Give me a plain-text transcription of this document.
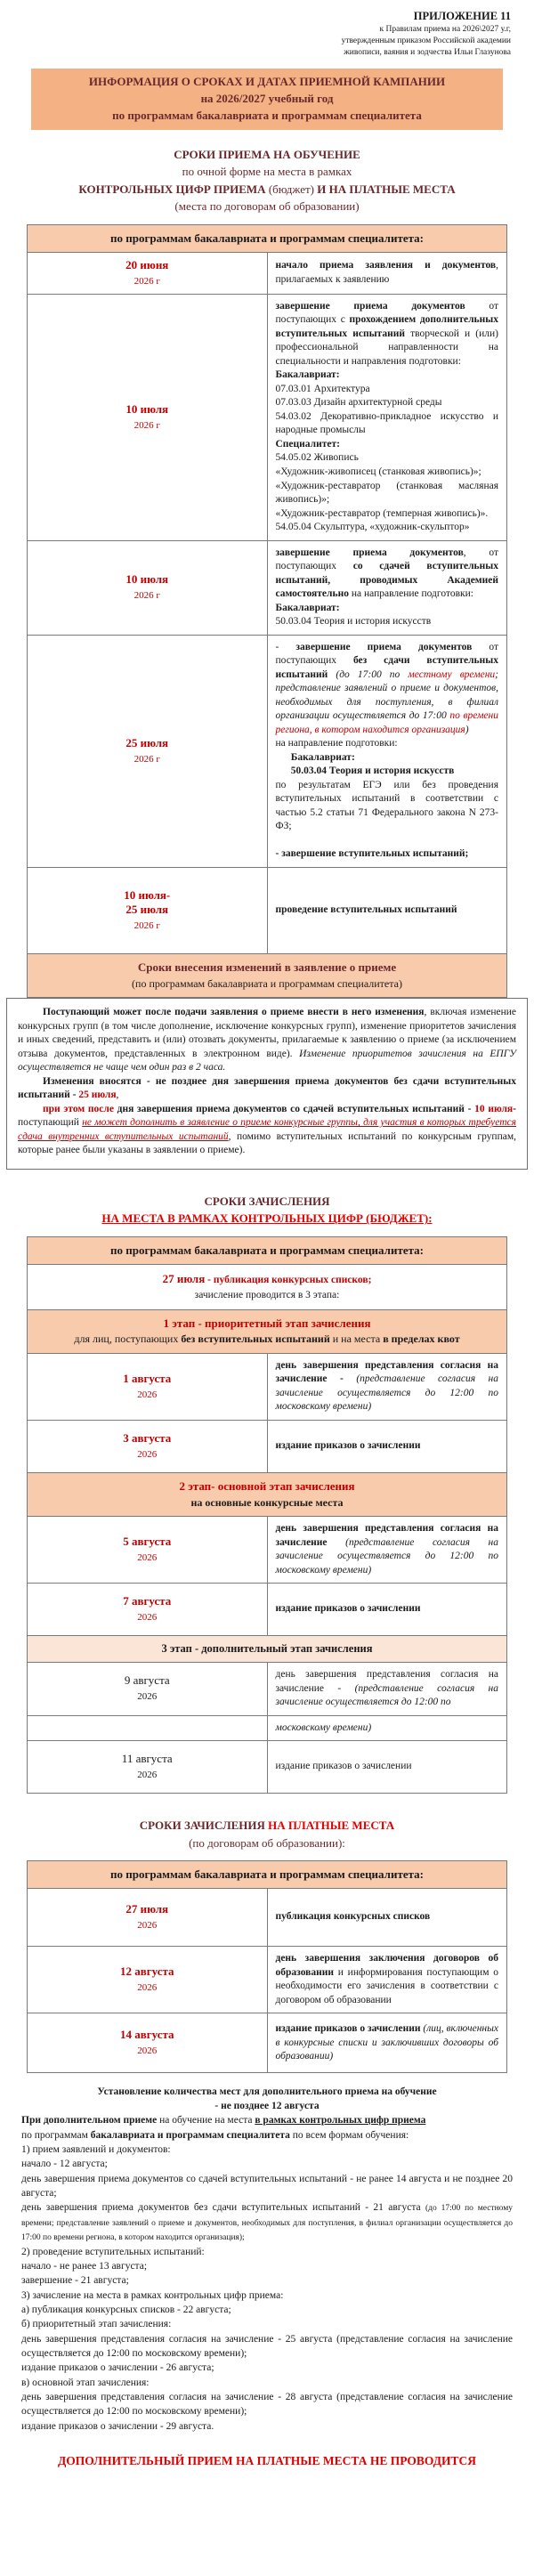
ПРИЛОЖЕНИЕ 11
к Правилам приема на 2026\2027 у.г,
утвержденным приказом Российской академии
живописи, ваяния и зодчества Ильи Глазунова
ИНФОРМАЦИЯ О СРОКАХ И ДАТАХ ПРИЕМНОЙ КАМПАНИИ
на 2026/2027 учебный год
по программам бакалавриата и программам специалитета
СРОКИ ПРИЕМА НА ОБУЧЕНИЕ
по очной форме на места в рамках
КОНТРОЛЬНЫХ ЦИФР ПРИЕМА (бюджет) И НА ПЛАТНЫЕ МЕСТА
(места по договорам об образовании)
по программам бакалавриата и программам специалитета:	
20 июня
2026 г	начало приема заявления и документов, прилагаемых к заявлению
10 июля
2026 г	завершение приема документов от поступающих с прохождением дополнительных вступительных испытаний творческой и (или) профессиональной направленности на специальности и направления подготовки:
Бакалавриат:
07.03.01 Архитектура
07.03.03 Дизайн архитектурной среды
54.03.02 Декоративно-прикладное искусство и народные промыслы
Специалитет:
54.05.02 Живопись
«Художник-живописец (станковая живопись)»;
«Художник-реставратор (станковая масляная живопись)»;
«Художник-реставратор (темперная живопись)».
54.05.04 Скульптура, «художник-скульптор»
10 июля
2026 г	завершение приема документов, от поступающих со сдачей вступительных испытаний, проводимых Академией самостоятельно на направление подготовки:
Бакалавриат:
50.03.04 Теория и история искусств
25 июля
2026 г	- завершение приема документов от поступающих без сдачи вступительных испытаний (до 17:00 по местному времени; представление заявлений о приеме и документов, необходимых для поступления, в филиал организации осуществляется до 17:00 по времени региона, в котором находится организация)
на направление подготовки:
Бакалавриат:
50.03.04 Теория и история искусств
по результатам ЕГЭ или без проведения вступительных испытаний в соответствии с частью 5.2 статьи 71 Федерального закона N 273-ФЗ;

- завершение вступительных испытаний;
10 июля-
25 июля
2026 г	проведение вступительных испытаний

Сроки внесения изменений в заявление о приеме
(по программам бакалавриата и программам специалитета)	

Поступающий может после подачи заявления о приеме внести в него изменения, включая изменение конкурсных групп (в том числе дополнение, исключение конкурсных групп), изменение приоритетов зачисления и иных сведений, представить и (или) отозвать документы, прилагаемые к заявлению о приеме (за исключением отзыва документов, представленных в электронном виде). Изменение приоритетов зачисления на ЕПГУ осуществляется не чаще чем один раз в 2 часа.

Изменения вносятся - не позднее дня завершения приема документов без сдачи вступительных испытаний - 25 июля,

при этом после дня завершения приема документов со сдачей вступительных испытаний - 10 июля- поступающий не может дополнить в заявление о приеме конкурсные группы, для участия в которых требуется сдача внутренних вступительных испытаний, помимо вступительных испытаний по конкурсным группам, которые ранее были указаны в заявлении о приеме).

СРОКИ ЗАЧИСЛЕНИЯ
НА МЕСТА В РАМКАХ КОНТРОЛЬНЫХ ЦИФР (БЮДЖЕТ):
по программам бакалавриата и программам специалитета:	
27 июля - публикация конкурсных списков;
зачисление проводится в 3 этапа:	

1 этап - приоритетный этап зачисления
для лиц, поступающих без вступительных испытаний и на места в пределах квот	

1 августа
2026	день завершения представления согласия на зачисление - (представление согласия на зачисление осуществляется до 12:00 по московскому времени)
3 августа
2026	издание приказов о зачислении

2 этап- основной этап зачисления
на основные конкурсные места	

5 августа
2026	день завершения представления согласия на зачисление (представление согласия на зачисление осуществляется до 12:00 по московскому времени)
7 августа
2026	издание приказов о зачислении
3 этап - дополнительный этап зачисления	
9 августа
2026	день завершения представления согласия на зачисление - (представление согласия на зачисление осуществляется до 12:00 по
	московскому времени)
11 августа
2026	издание приказов о зачислении
СРОКИ ЗАЧИСЛЕНИЯ НА ПЛАТНЫЕ МЕСТА
(по договорам об образовании):
по программам бакалавриата и программам специалитета:	
27 июля
2026	публикация конкурсных списков
12 августа
2026	день завершения заключения договоров об образовании и информирования поступающим о необходимости его зачисления в соответствии с договором об образовании
14 августа
2026	издание приказов о зачислении (лиц, включенных в конкурсные списки и заключивших договоры об образовании)
Установление количества мест для дополнительного приема на обучение
- не позднее 12 августа

При дополнительном приеме на обучение на места в рамках контрольных цифр приема

по программам бакалавриата и программам специалитета по всем формам обучения:

1) прием заявлений и документов:

начало - 12 августа;

день завершения приема документов со сдачей вступительных испытаний - не ранее 14 августа и не позднее 20 августа;

день завершения приема документов без сдачи вступительных испытаний - 21 августа (до 17:00 по местному времени; представление заявлений о приеме и документов, необходимых для поступления, в филиал организации осуществляется до 17:00 по времени региона, в котором находится организация);

2) проведение вступительных испытаний:

начало - не ранее 13 августа;

завершение - 21 августа;

3) зачисление на места в рамках контрольных цифр приема:

а) публикация конкурсных списков - 22 августа;

б) приоритетный этап зачисления:

день завершения представления согласия на зачисление - 25 августа (представление согласия на зачисление осуществляется до 12:00 по московскому времени);

издание приказов о зачислении - 26 августа;

в) основной этап зачисления:

день завершения представления согласия на зачисление - 28 августа (представление согласия на зачисление осуществляется до 12:00 по московскому времени);

издание приказов о зачислении - 29 августа.

ДОПОЛНИТЕЛЬНЫЙ ПРИЕМ НА ПЛАТНЫЕ МЕСТА НЕ ПРОВОДИТСЯ
